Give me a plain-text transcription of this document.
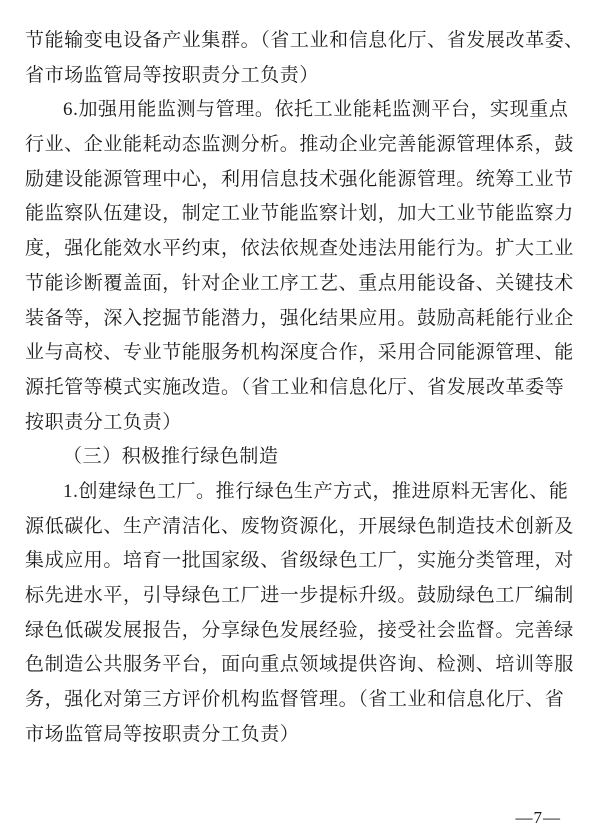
节能输变电设备产业集群。（省工业和信息化厅、省发展改革委、
省市场监管局等按职责分工负责）
6.加强用能监测与管理。依托工业能耗监测平台，实现重点
行业、企业能耗动态监测分析。推动企业完善能源管理体系，鼓
励建设能源管理中心，利用信息技术强化能源管理。统筹工业节
能监察队伍建设，制定工业节能监察计划，加大工业节能监察力
度，强化能效水平约束，依法依规查处违法用能行为。扩大工业
节能诊断覆盖面，针对企业工序工艺、重点用能设备、关键技术
装备等，深入挖掘节能潜力，强化结果应用。鼓励高耗能行业企
业与高校、专业节能服务机构深度合作，采用合同能源管理、能
源托管等模式实施改造。（省工业和信息化厅、省发展改革委等
按职责分工负责）
（三）积极推行绿色制造
1.创建绿色工厂。推行绿色生产方式，推进原料无害化、能
源低碳化、生产清洁化、废物资源化，开展绿色制造技术创新及
集成应用。培育一批国家级、省级绿色工厂，实施分类管理，对
标先进水平，引导绿色工厂进一步提标升级。鼓励绿色工厂编制
绿色低碳发展报告，分享绿色发展经验，接受社会监督。完善绿
色制造公共服务平台，面向重点领域提供咨询、检测、培训等服
务，强化对第三方评价机构监督管理。（省工业和信息化厅、省
市场监管局等按职责分工负责）
—7—
